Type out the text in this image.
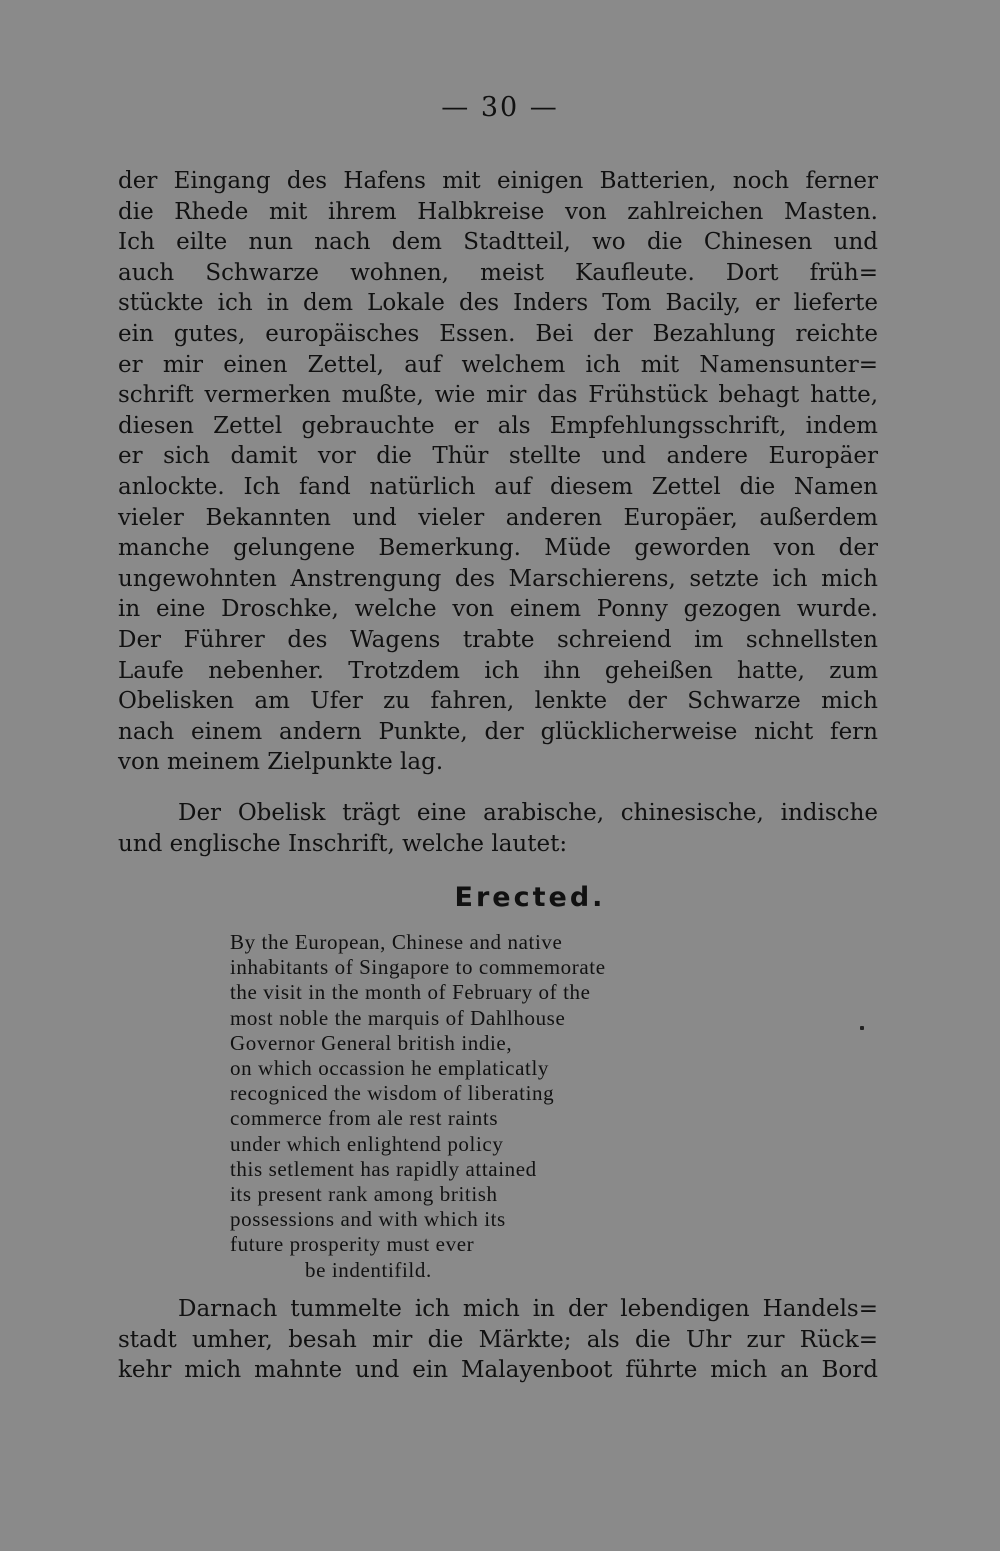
— 30 —
der Eingang des Hafens mit einigen Batterien, noch ferner
die Rhede mit ihrem Halbkreise von zahlreichen Masten.
Ich eilte nun nach dem Stadtteil, wo die Chinesen und
auch Schwarze wohnen, meist Kaufleute. Dort früh=
stückte ich in dem Lokale des Inders Tom Bacily, er lieferte
ein gutes, europäisches Essen. Bei der Bezahlung reichte
er mir einen Zettel, auf welchem ich mit Namensunter=
schrift vermerken mußte, wie mir das Frühstück behagt hatte,
diesen Zettel gebrauchte er als Empfehlungsschrift, indem
er sich damit vor die Thür stellte und andere Europäer
anlockte. Ich fand natürlich auf diesem Zettel die Namen
vieler Bekannten und vieler anderen Europäer, außerdem
manche gelungene Bemerkung. Müde geworden von der
ungewohnten Anstrengung des Marschierens, setzte ich mich
in eine Droschke, welche von einem Ponny gezogen wurde.
Der Führer des Wagens trabte schreiend im schnellsten
Laufe nebenher. Trotzdem ich ihn geheißen hatte, zum
Obelisken am Ufer zu fahren, lenkte der Schwarze mich
nach einem andern Punkte, der glücklicherweise nicht fern
von meinem Zielpunkte lag.
Der Obelisk trägt eine arabische, chinesische, indische
und englische Inschrift, welche lautet:
Erected.
By the European, Chinese and native
inhabitants of Singapore to commemorate
the visit in the month of February of the
most noble the marquis of Dahlhouse
Governor General british indie,
on which occassion he emplaticatly
recogniced the wisdom of liberating
commerce from ale rest raints
under which enlightend policy
this setlement has rapidly attained
its present rank among british
possessions and with which its
future prosperity must ever
be indentifild.
Darnach tummelte ich mich in der lebendigen Handels=
stadt umher, besah mir die Märkte; als die Uhr zur Rück=
kehr mich mahnte und ein Malayenboot führte mich an Bord
